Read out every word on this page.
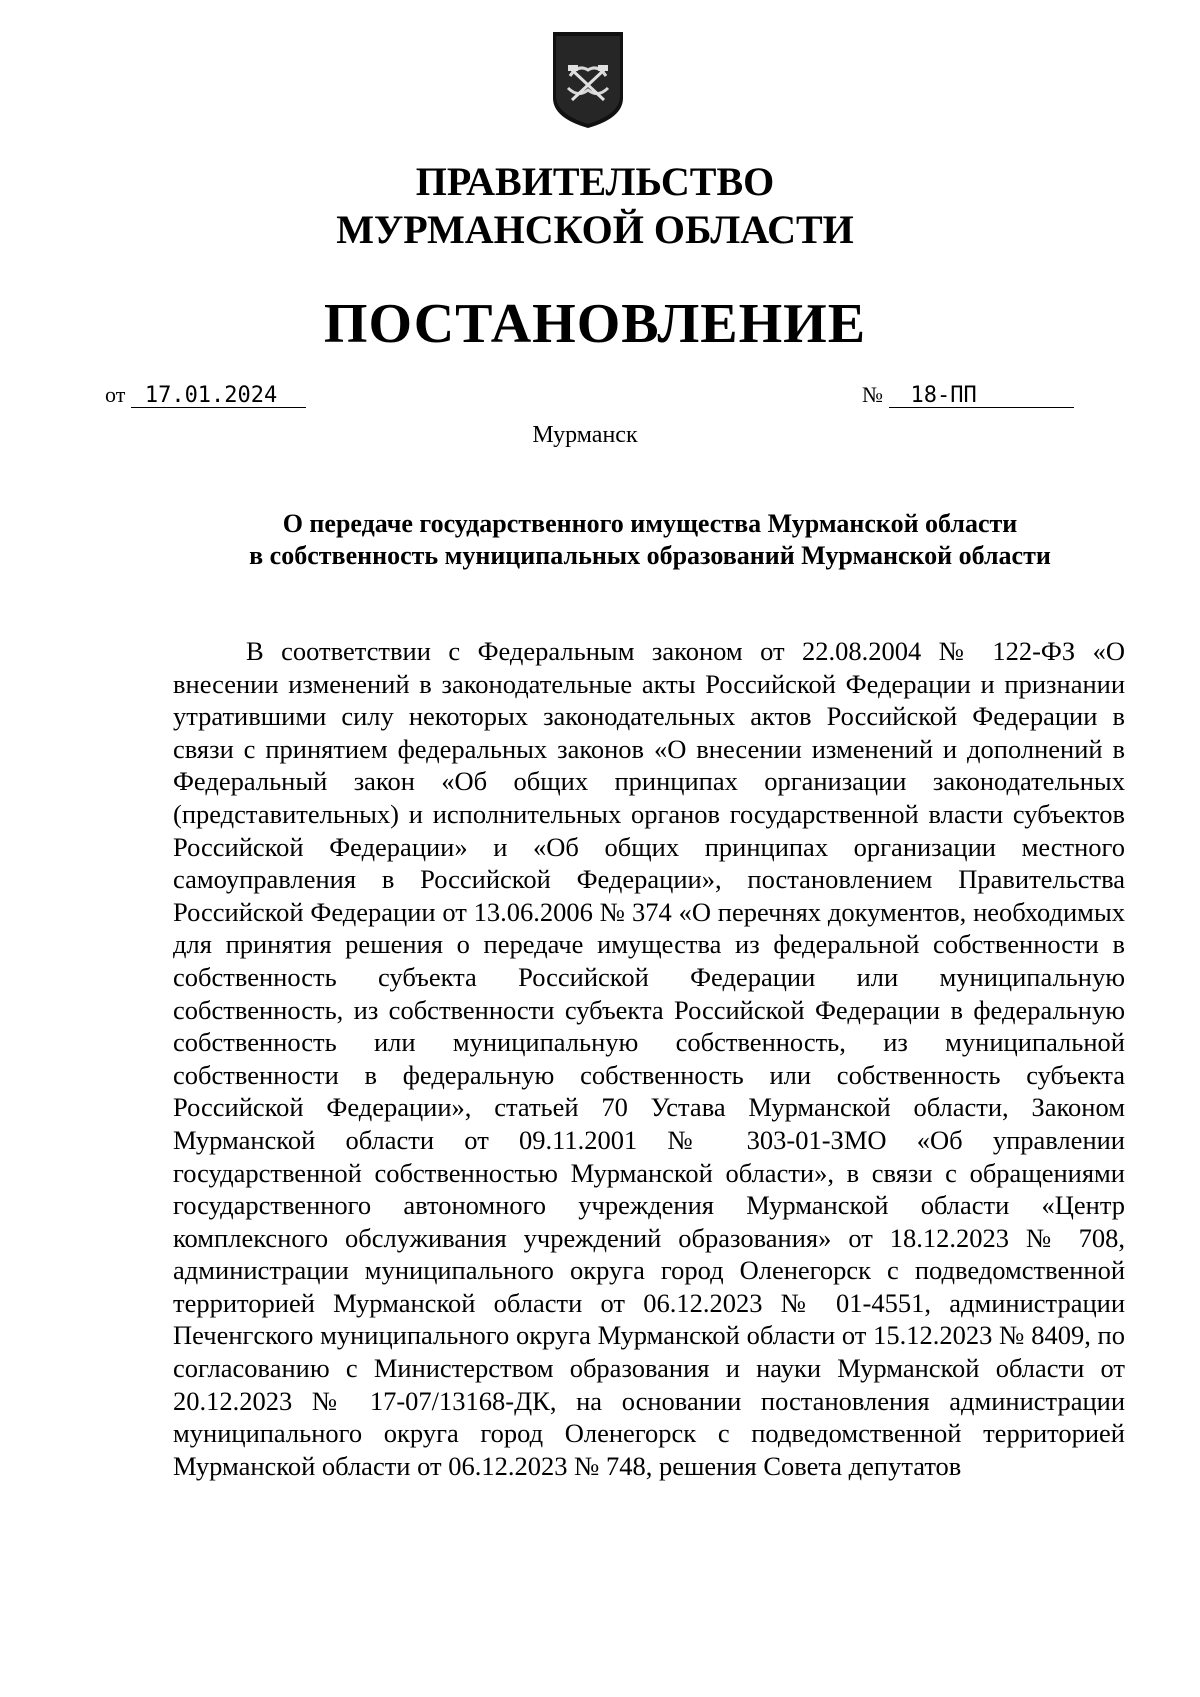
ПРАВИТЕЛЬСТВО
МУРМАНСКОЙ ОБЛАСТИ
ПОСТАНОВЛЕНИЕ
от 17.01.2024	№ 18-ПП
Мурманск
О передаче государственного имущества Мурманской области
в собственность муниципальных образований Мурманской области

В соответствии с Федеральным законом от 22.08.2004 № 122-ФЗ «О внесении изменений в законодательные акты Российской Федерации и признании утратившими силу некоторых законодательных актов Российской Федерации в связи с принятием федеральных законов «О внесении изменений и дополнений в Федеральный закон «Об общих принципах организации законодательных (представительных) и исполнительных органов государственной власти субъектов Российской Федерации» и «Об общих принципах организации местного самоуправления в Российской Федерации», постановлением Правительства Российской Федерации от 13.06.2006 № 374 «О перечнях документов, необходимых для принятия решения о передаче имущества из федеральной собственности в собственность субъекта Российской Федерации или муниципальную собственность, из собственности субъекта Российской Федерации в федеральную собственность или муниципальную собственность, из муниципальной собственности в федеральную собственность или собственность субъекта Российской Федерации», статьей 70 Устава Мурманской области, Законом Мурманской области от 09.11.2001 № 303-01-ЗМО «Об управлении государственной собственностью Мурманской области», в связи с обращениями государственного автономного учреждения Мурманской области «Центр комплексного обслуживания учреждений образования» от 18.12.2023 № 708, администрации муниципального округа город Оленегорск с подведомственной территорией Мурманской области от 06.12.2023 № 01-4551, администрации Печенгского муниципального округа Мурманской области от 15.12.2023 № 8409, по согласованию с Министерством образования и науки Мурманской области от 20.12.2023 № 17-07/13168-ДК, на основании постановления администрации муниципального округа город Оленегорск с подведомственной территорией Мурманской области от 06.12.2023 № 748, решения Совета депутатов
